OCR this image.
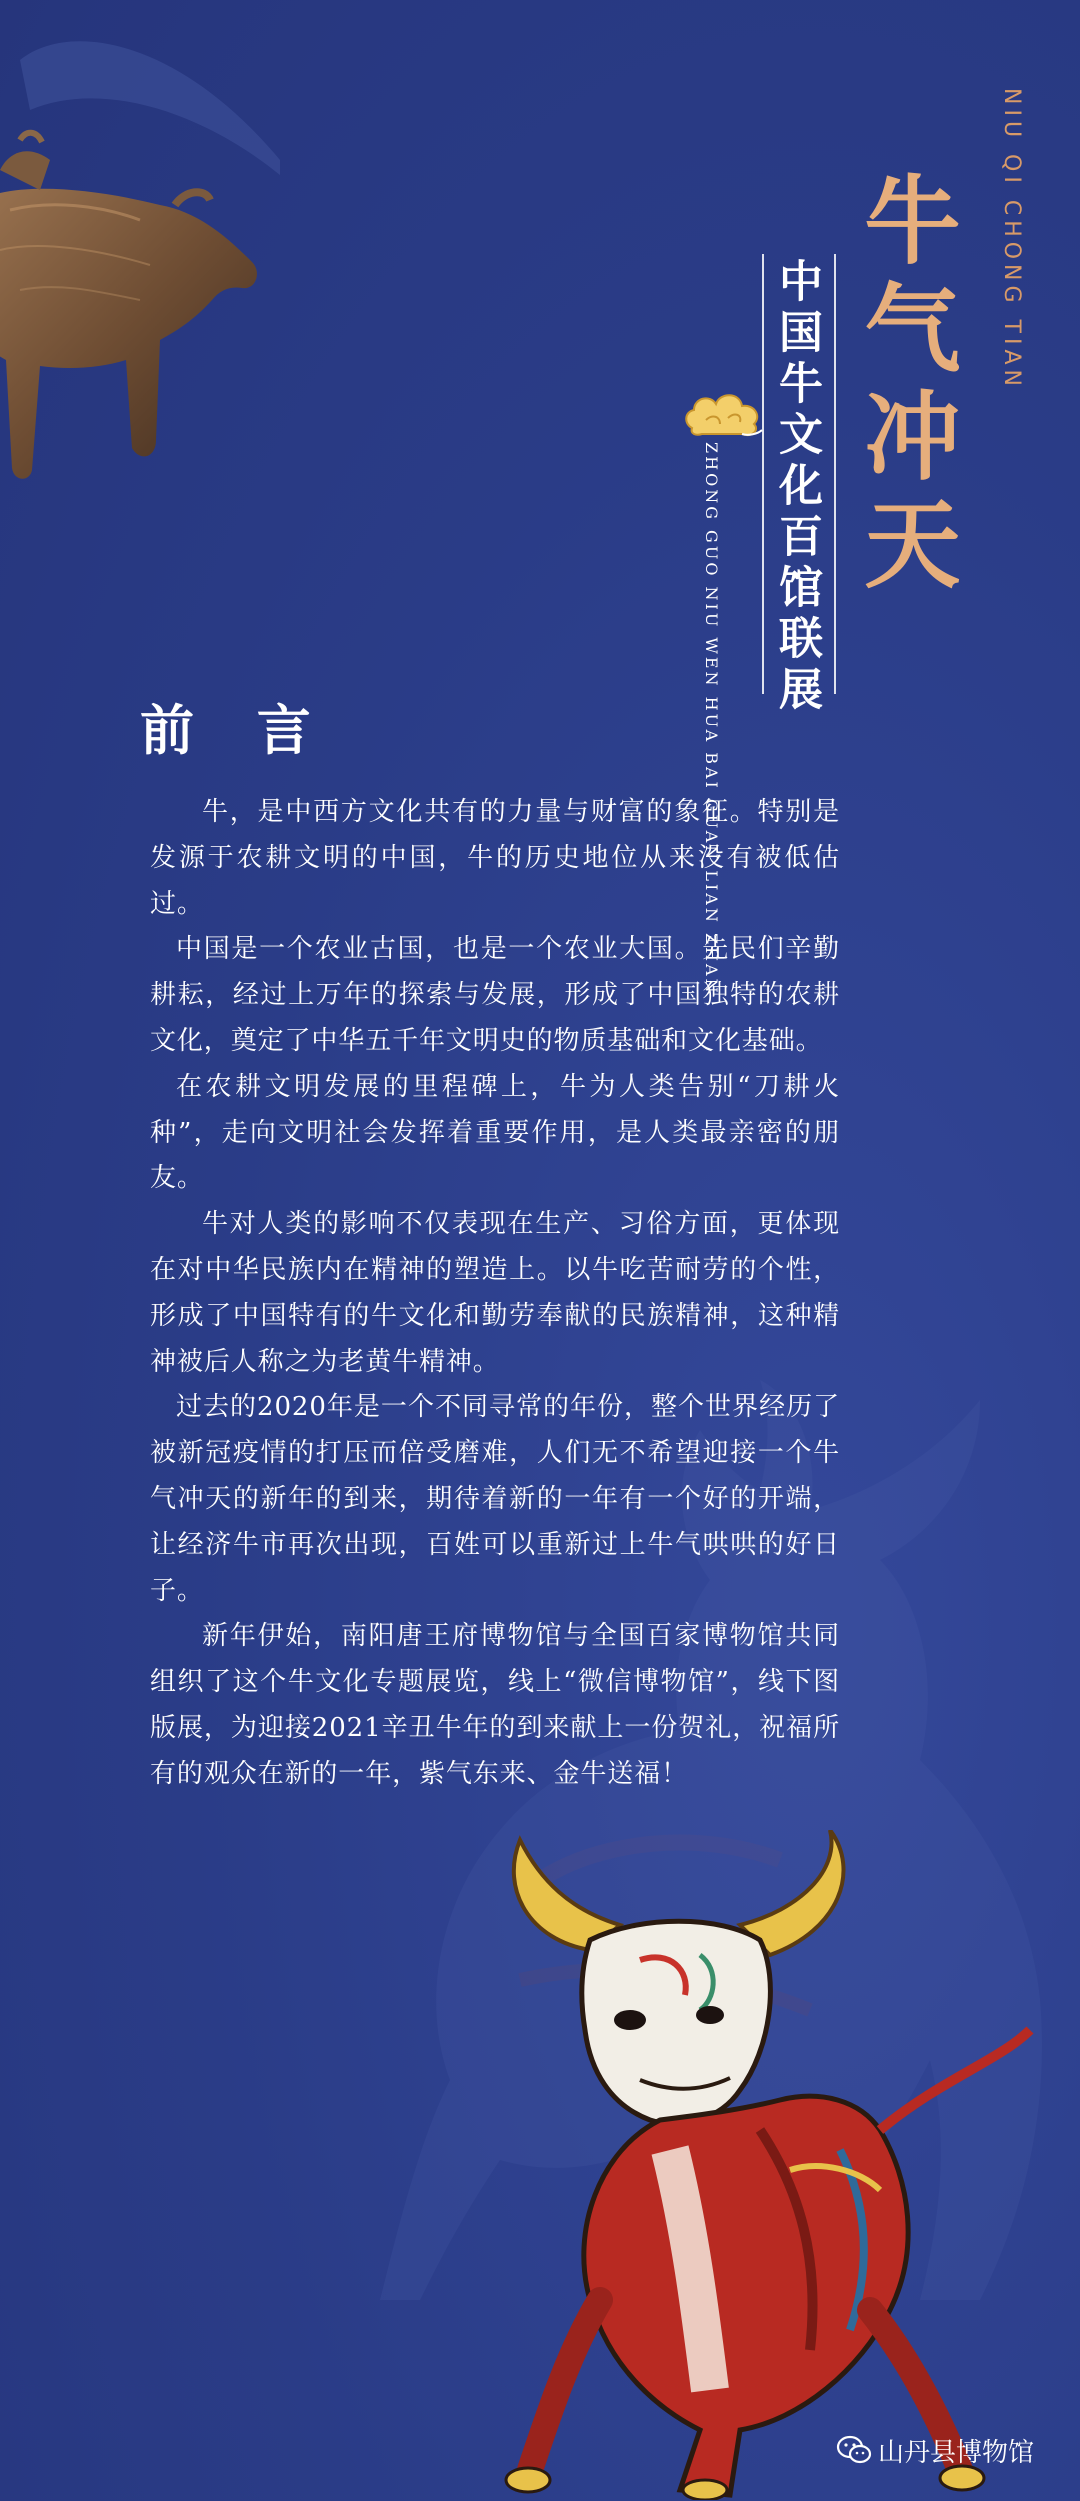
NIU QI CHONG TIAN
牛气冲天
中国牛文化百馆联展
ZHONG GUO NIU WEN HUA BAI GUAN LIAN ZHAN
前 言

牛，是中西方文化共有的力量与财富的象征。特别是发源于农耕文明的中国，牛的历史地位从来没有被低估过。

中国是一个农业古国，也是一个农业大国。先民们辛勤耕耘，经过上万年的探索与发展，形成了中国独特的农耕文化，奠定了中华五千年文明史的物质基础和文化基础。

在农耕文明发展的里程碑上，牛为人类告别“刀耕火种”，走向文明社会发挥着重要作用，是人类最亲密的朋友。

牛对人类的影响不仅表现在生产、习俗方面，更体现在对中华民族内在精神的塑造上。以牛吃苦耐劳的个性，形成了中国特有的牛文化和勤劳奉献的民族精神，这种精神被后人称之为老黄牛精神。

过去的2020年是一个不同寻常的年份，整个世界经历了被新冠疫情的打压而倍受磨难，人们无不希望迎接一个牛气冲天的新年的到来，期待着新的一年有一个好的开端，让经济牛市再次出现，百姓可以重新过上牛气哄哄的好日子。

新年伊始，南阳唐王府博物馆与全国百家博物馆共同组织了这个牛文化专题展览，线上“微信博物馆”，线下图版展，为迎接2021辛丑牛年的到来献上一份贺礼，祝福所有的观众在新的一年，紫气东来、金牛送福！

山丹县博物馆
